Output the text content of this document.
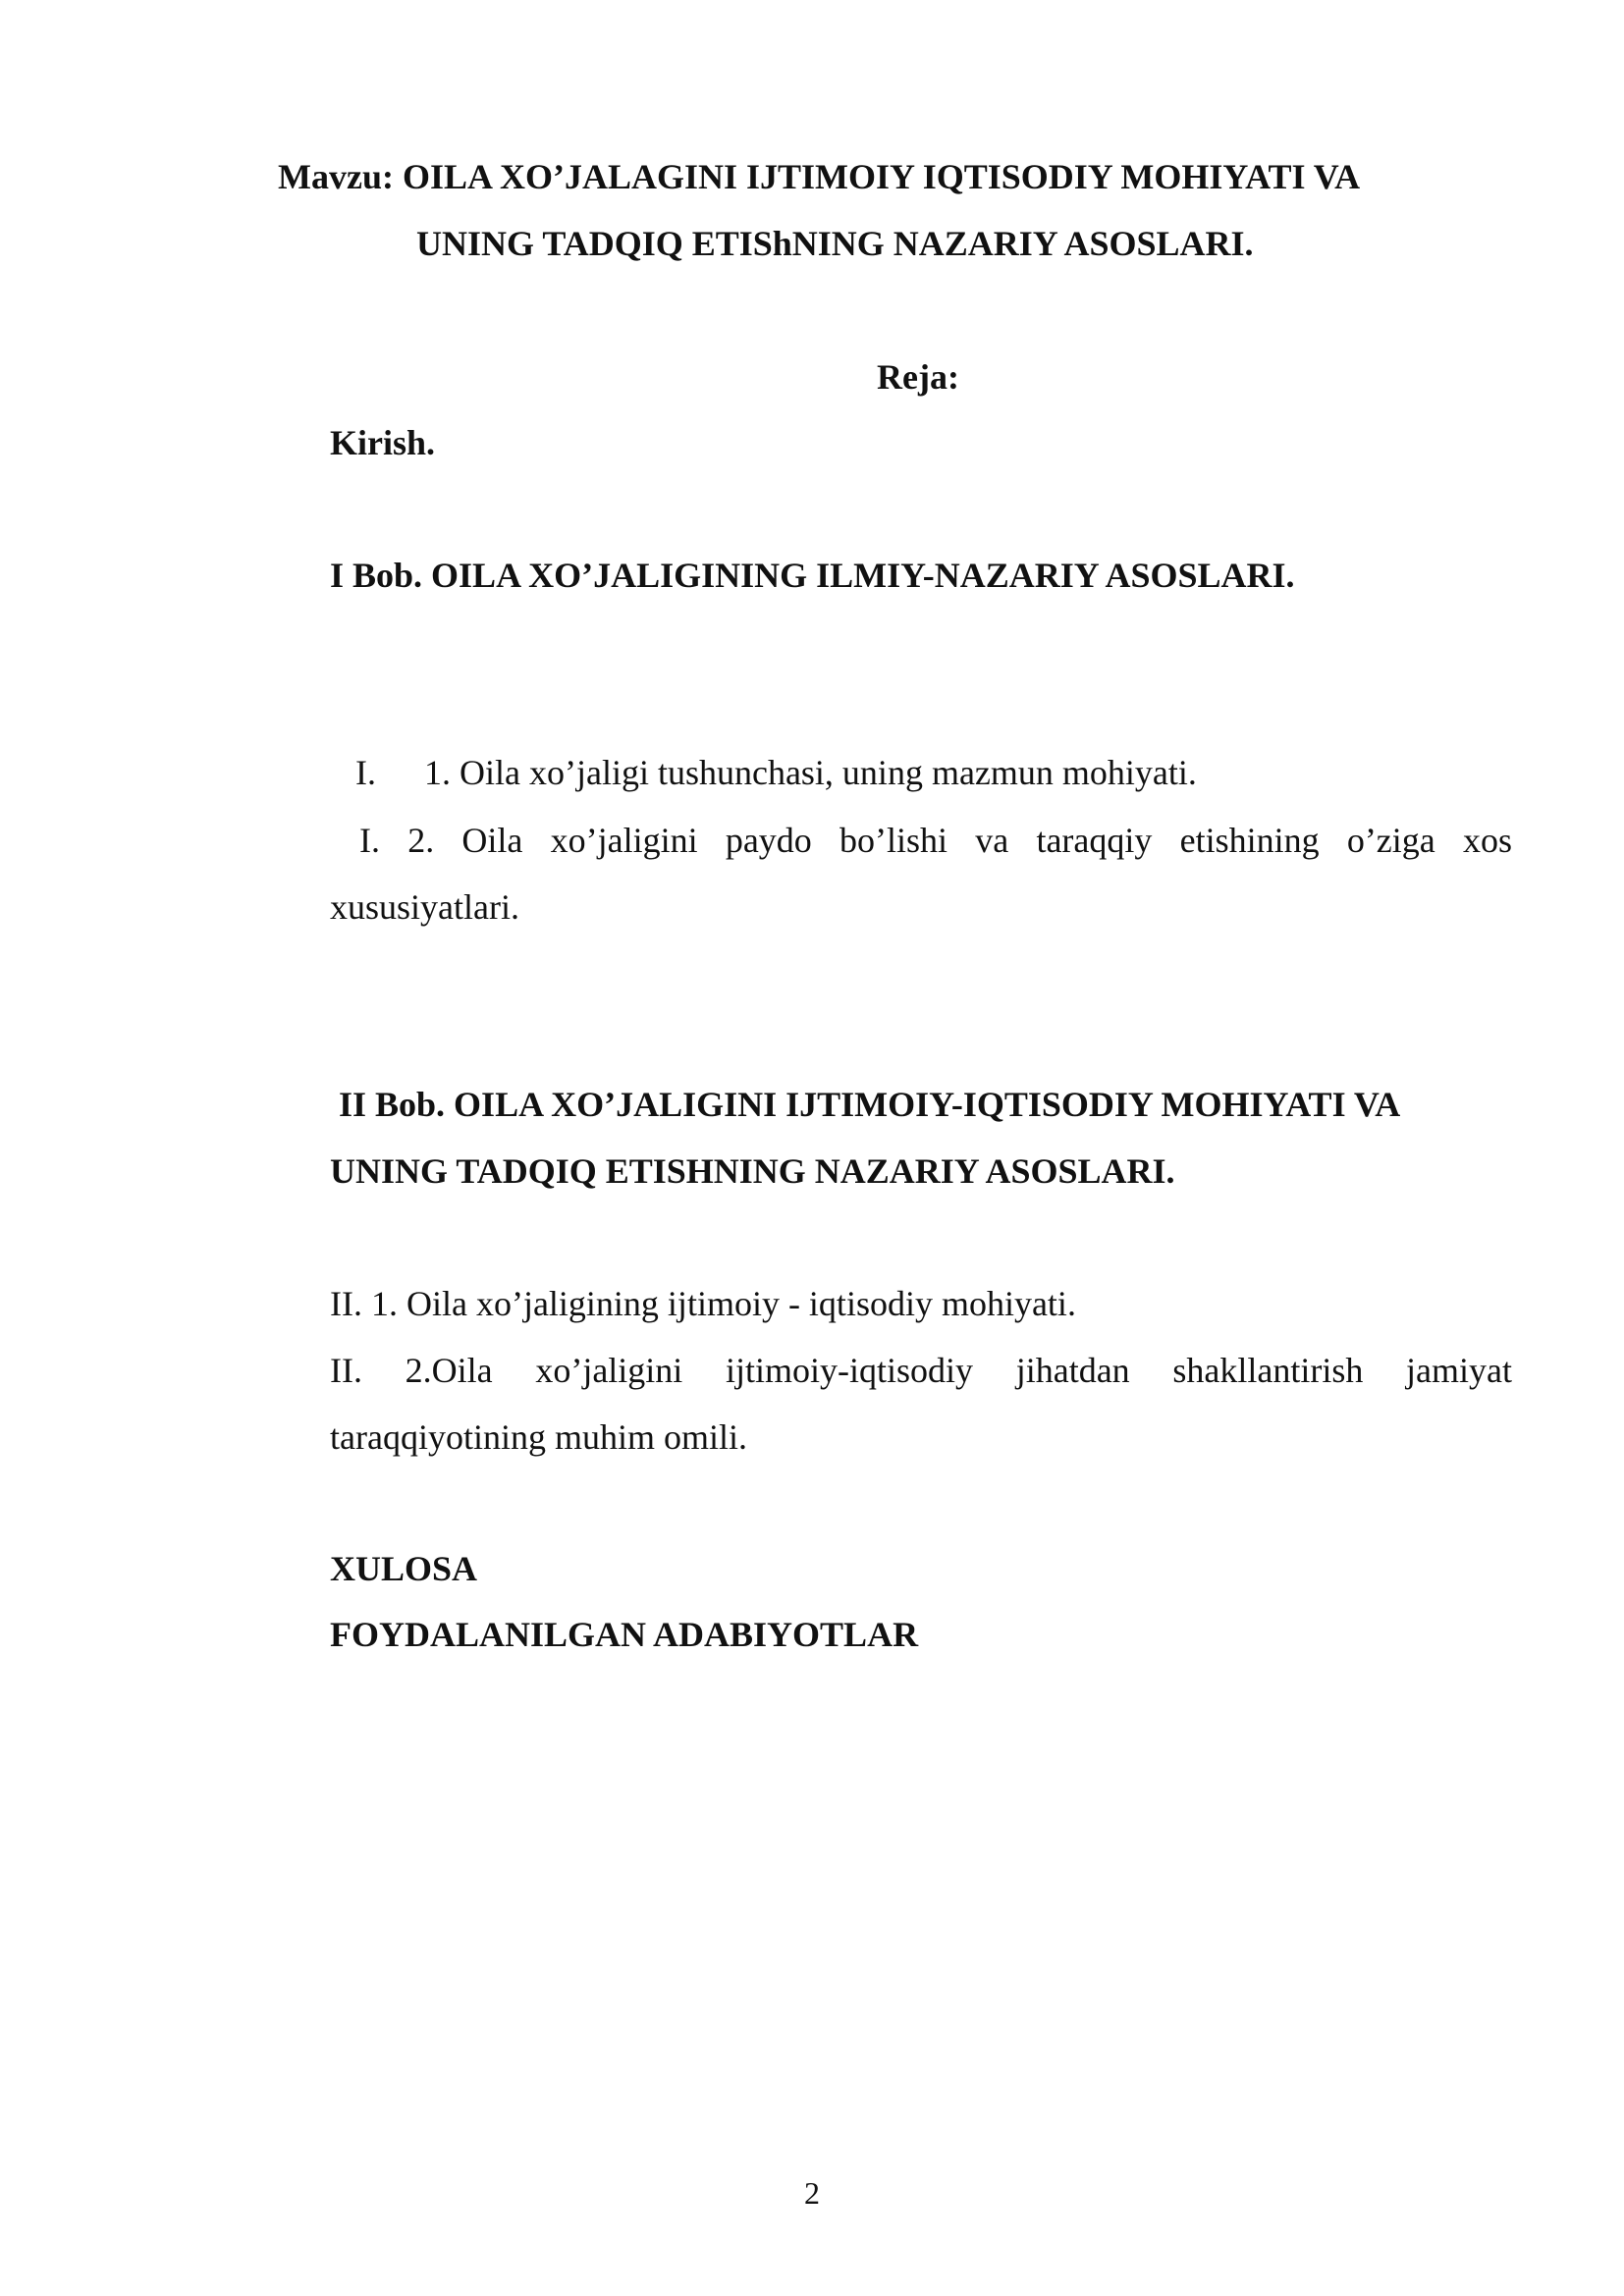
Mavzu: OILA XO’JALAGINI IJTIMOIY IQTISODIY MOHIYATI VA
UNING TADQIQ ETIShNING NAZARIY ASOSLARI.
Reja:
Kirish.
I Bob. OILA XO’JALIGINING ILMIY-NAZARIY ASOSLARI.
I. 1. Oila xo’jaligi tushunchasi, uning mazmun mohiyati.
I. 2. Oila xo’jaligini paydo bo’lishi va taraqqiy etishining o’ziga xos
xususiyatlari.
II Bob. OILA XO’JALIGINI IJTIMOIY-IQTISODIY MOHIYATI VA
UNING TADQIQ ETISHNING NAZARIY ASOSLARI.
II. 1. Oila xo’jaligining ijtimoiy - iqtisodiy mohiyati.
II. 2.Oila xo’jaligini ijtimoiy-iqtisodiy jihatdan shakllantirish jamiyat
taraqqiyotining muhim omili.
XULOSA
FOYDALANILGAN ADABIYOTLAR
2
